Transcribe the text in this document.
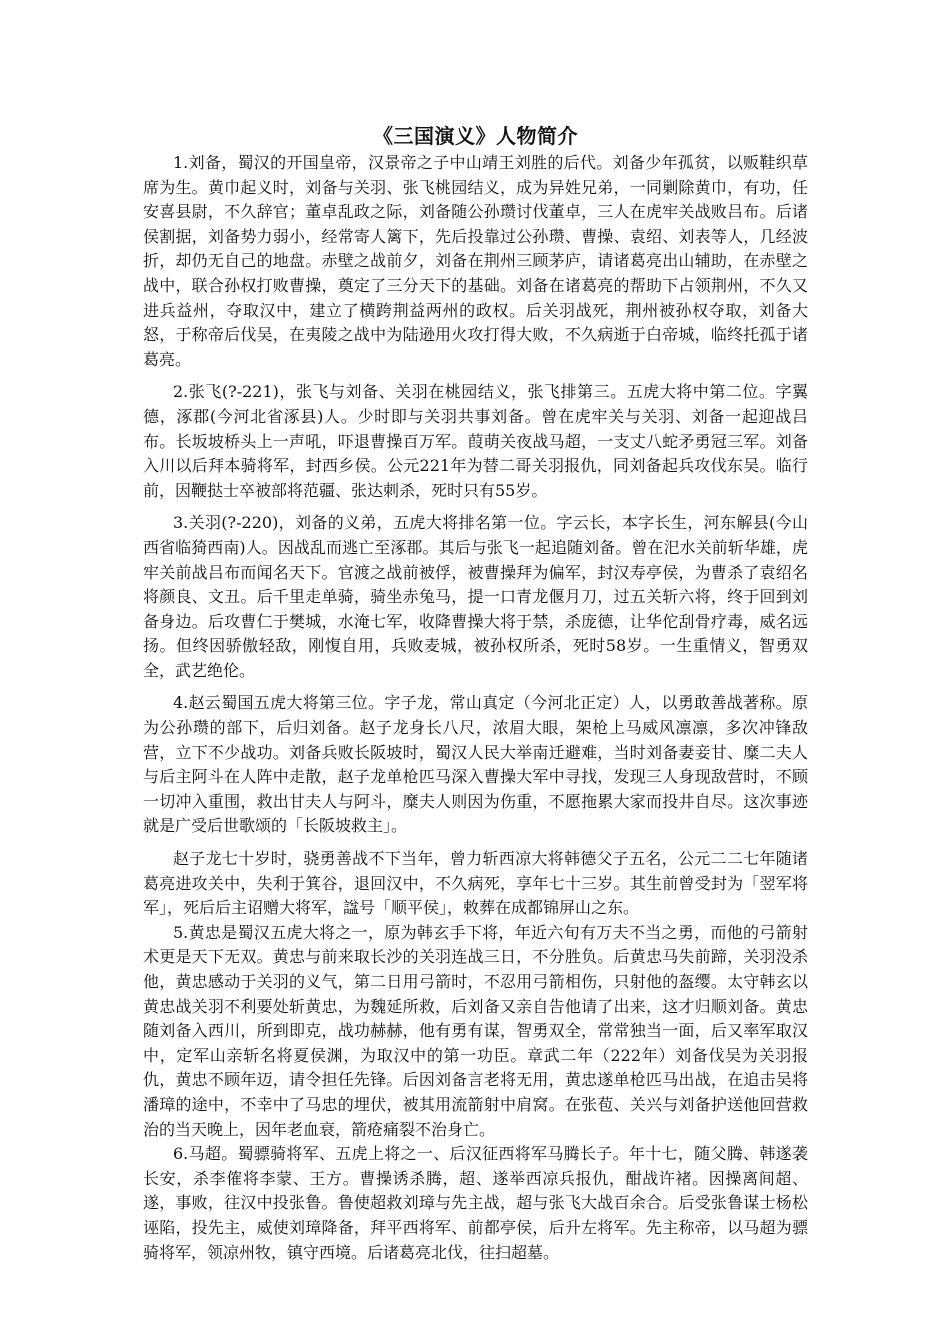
《三国演义》人物简介

1.刘备，蜀汉的开国皇帝，汉景帝之子中山靖王刘胜的后代。刘备少年孤贫，以贩鞋织草席为生。黄巾起义时，刘备与关羽、张飞桃园结义，成为异姓兄弟，一同剿除黄巾，有功，任安喜县尉，不久辞官；董卓乱政之际，刘备随公孙瓒讨伐董卓，三人在虎牢关战败吕布。后诸侯割据，刘备势力弱小，经常寄人篱下，先后投靠过公孙瓒、曹操、袁绍、刘表等人，几经波折，却仍无自己的地盘。赤壁之战前夕，刘备在荆州三顾茅庐，请诸葛亮出山辅助，在赤壁之战中，联合孙权打败曹操，奠定了三分天下的基础。刘备在诸葛亮的帮助下占领荆州，不久又进兵益州，夺取汉中，建立了横跨荆益两州的政权。后关羽战死，荆州被孙权夺取，刘备大怒，于称帝后伐吴，在夷陵之战中为陆逊用火攻打得大败，不久病逝于白帝城，临终托孤于诸葛亮。

2.张飞(?-221)，张飞与刘备、关羽在桃园结义，张飞排第三。五虎大将中第二位。字翼德，涿郡(今河北省涿县)人。少时即与关羽共事刘备。曾在虎牢关与关羽、刘备一起迎战吕布。长坂坡桥头上一声吼，吓退曹操百万军。葭萌关夜战马超，一支丈八蛇矛勇冠三军。刘备入川以后拜本骑将军，封西乡侯。公元221年为替二哥关羽报仇，同刘备起兵攻伐东吴。临行前，因鞭挞士卒被部将范疆、张达刺杀，死时只有55岁。

3.关羽(?-220)，刘备的义弟，五虎大将排名第一位。字云长，本字长生，河东解县(今山西省临猗西南)人。因战乱而逃亡至涿郡。其后与张飞一起追随刘备。曾在汜水关前斩华雄，虎牢关前战吕布而闻名天下。官渡之战前被俘，被曹操拜为偏军，封汉寿亭侯，为曹杀了袁绍名将颜良、文丑。后千里走单骑，骑坐赤兔马，提一口青龙偃月刀，过五关斩六将，终于回到刘备身边。后攻曹仁于樊城，水淹七军，收降曹操大将于禁，杀庞德，让华佗刮骨疗毒，威名远扬。但终因骄傲轻敌，刚愎自用，兵败麦城，被孙权所杀，死时58岁。一生重情义，智勇双全，武艺绝伦。

4.赵云蜀国五虎大将第三位。字子龙，常山真定（今河北正定）人，以勇敢善战著称。原为公孙瓒的部下，后归刘备。赵子龙身长八尺，浓眉大眼，架枪上马威风凛凛，多次冲锋敌营，立下不少战功。刘备兵败长阪坡时，蜀汉人民大举南迁避难，当时刘备妻妾甘、糜二夫人与后主阿斗在人阵中走散，赵子龙单枪匹马深入曹操大军中寻找，发现三人身现敌营时，不顾一切冲入重围，救出甘夫人与阿斗，糜夫人则因为伤重，不愿拖累大家而投井自尽。这次事迹就是广受后世歌颂的「长阪坡救主」。

赵子龙七十岁时，骁勇善战不下当年，曾力斩西凉大将韩德父子五名，公元二二七年随诸葛亮进攻关中，失利于箕谷，退回汉中，不久病死，享年七十三岁。其生前曾受封为「翌军将军」，死后后主诏赠大将军，諡号「顺平侯」，敕葬在成都锦屏山之东。

5.黄忠是蜀汉五虎大将之一，原为韩玄手下将，年近六旬有万夫不当之勇，而他的弓箭射术更是天下无双。黄忠与前来取长沙的关羽连战三日，不分胜负。后黄忠马失前蹄，关羽没杀他，黄忠感动于关羽的义气，第二日用弓箭时，不忍用弓箭相伤，只射他的盔缨。太守韩玄以黄忠战关羽不利要处斩黄忠，为魏延所救，后刘备又亲自告他请了出来，这才归顺刘备。黄忠随刘备入西川，所到即克，战功赫赫，他有勇有谋，智勇双全，常常独当一面，后又率军取汉中，定军山亲斩名将夏侯渊，为取汉中的第一功臣。章武二年（222年）刘备伐吴为关羽报仇，黄忠不顾年迈，请令担任先锋。后因刘备言老将无用，黄忠遂单枪匹马出战，在追击吴将潘璋的途中，不幸中了马忠的埋伏，被其用流箭射中肩窝。在张苞、关兴与刘备护送他回营救治的当天晚上，因年老血衰，箭疮痛裂不治身亡。

6.马超。蜀骠骑将军、五虎上将之一、后汉征西将军马腾长子。年十七，随父腾、韩遂袭长安，杀李傕将李蒙、王方。曹操诱杀腾，超、遂举西凉兵报仇，酣战许褚。因操离间超、遂，事败，往汉中投张鲁。鲁使超救刘璋与先主战，超与张飞大战百余合。后受张鲁谋士杨松诬陷，投先主，威使刘璋降备，拜平西将军、前都亭侯，后升左将军。先主称帝，以马超为骠骑将军，领凉州牧，镇守西境。后诸葛亮北伐，往扫超墓。
